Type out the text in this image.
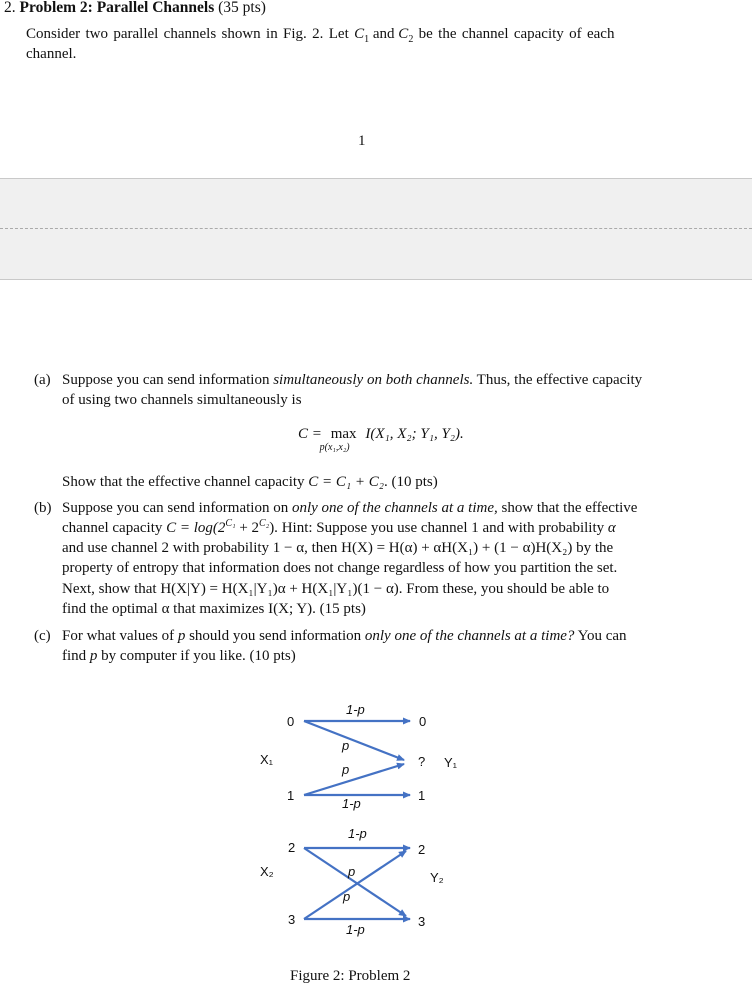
2. Problem 2: Parallel Channels (35 pts)
Consider two parallel channels shown in Fig. 2. Let $C_1$ and $C_2$ be the channel capacity of each
channel.
1
(a) Suppose you can send information simultaneously on both channels. Thus, the effective capacity
of using two channels simultaneously is
C = max
p(x₁,x₂)
I(X₁, X₂; Y₁, Y₂).
Show that the effective channel capacity C = C₁ + C₂. (10 pts)
(b) Suppose you can send information on only one of the channels at a time, show that the effective
channel capacity $C = \log(2^{C_1} + 2^{C_2})$. Hint: Suppose you use channel 1 and with probability α
and use channel 2 with probability 1 − α, then H(X) = H(α) + αH(X₁) + (1 − α)H(X₂) by the
property of entropy that information does not change regardless of how you partition the set.
Next, show that H(X|Y) = H(X₁|Y₁)α + H(X₁|Y₁)(1 − α). From these, you should be able to
find the optimal α that maximizes I(X; Y). (15 pts)
(c) For what values of p should you send information only one of the channels at a time? You can
find p by computer if you like. (10 pts)
0
1
0
?
1
1-p
p
p
1-p
X₁	Y₁
2
3
2
3
1-p
p
p
1-p
X₂	Y₂
Figure 2: Problem 2
